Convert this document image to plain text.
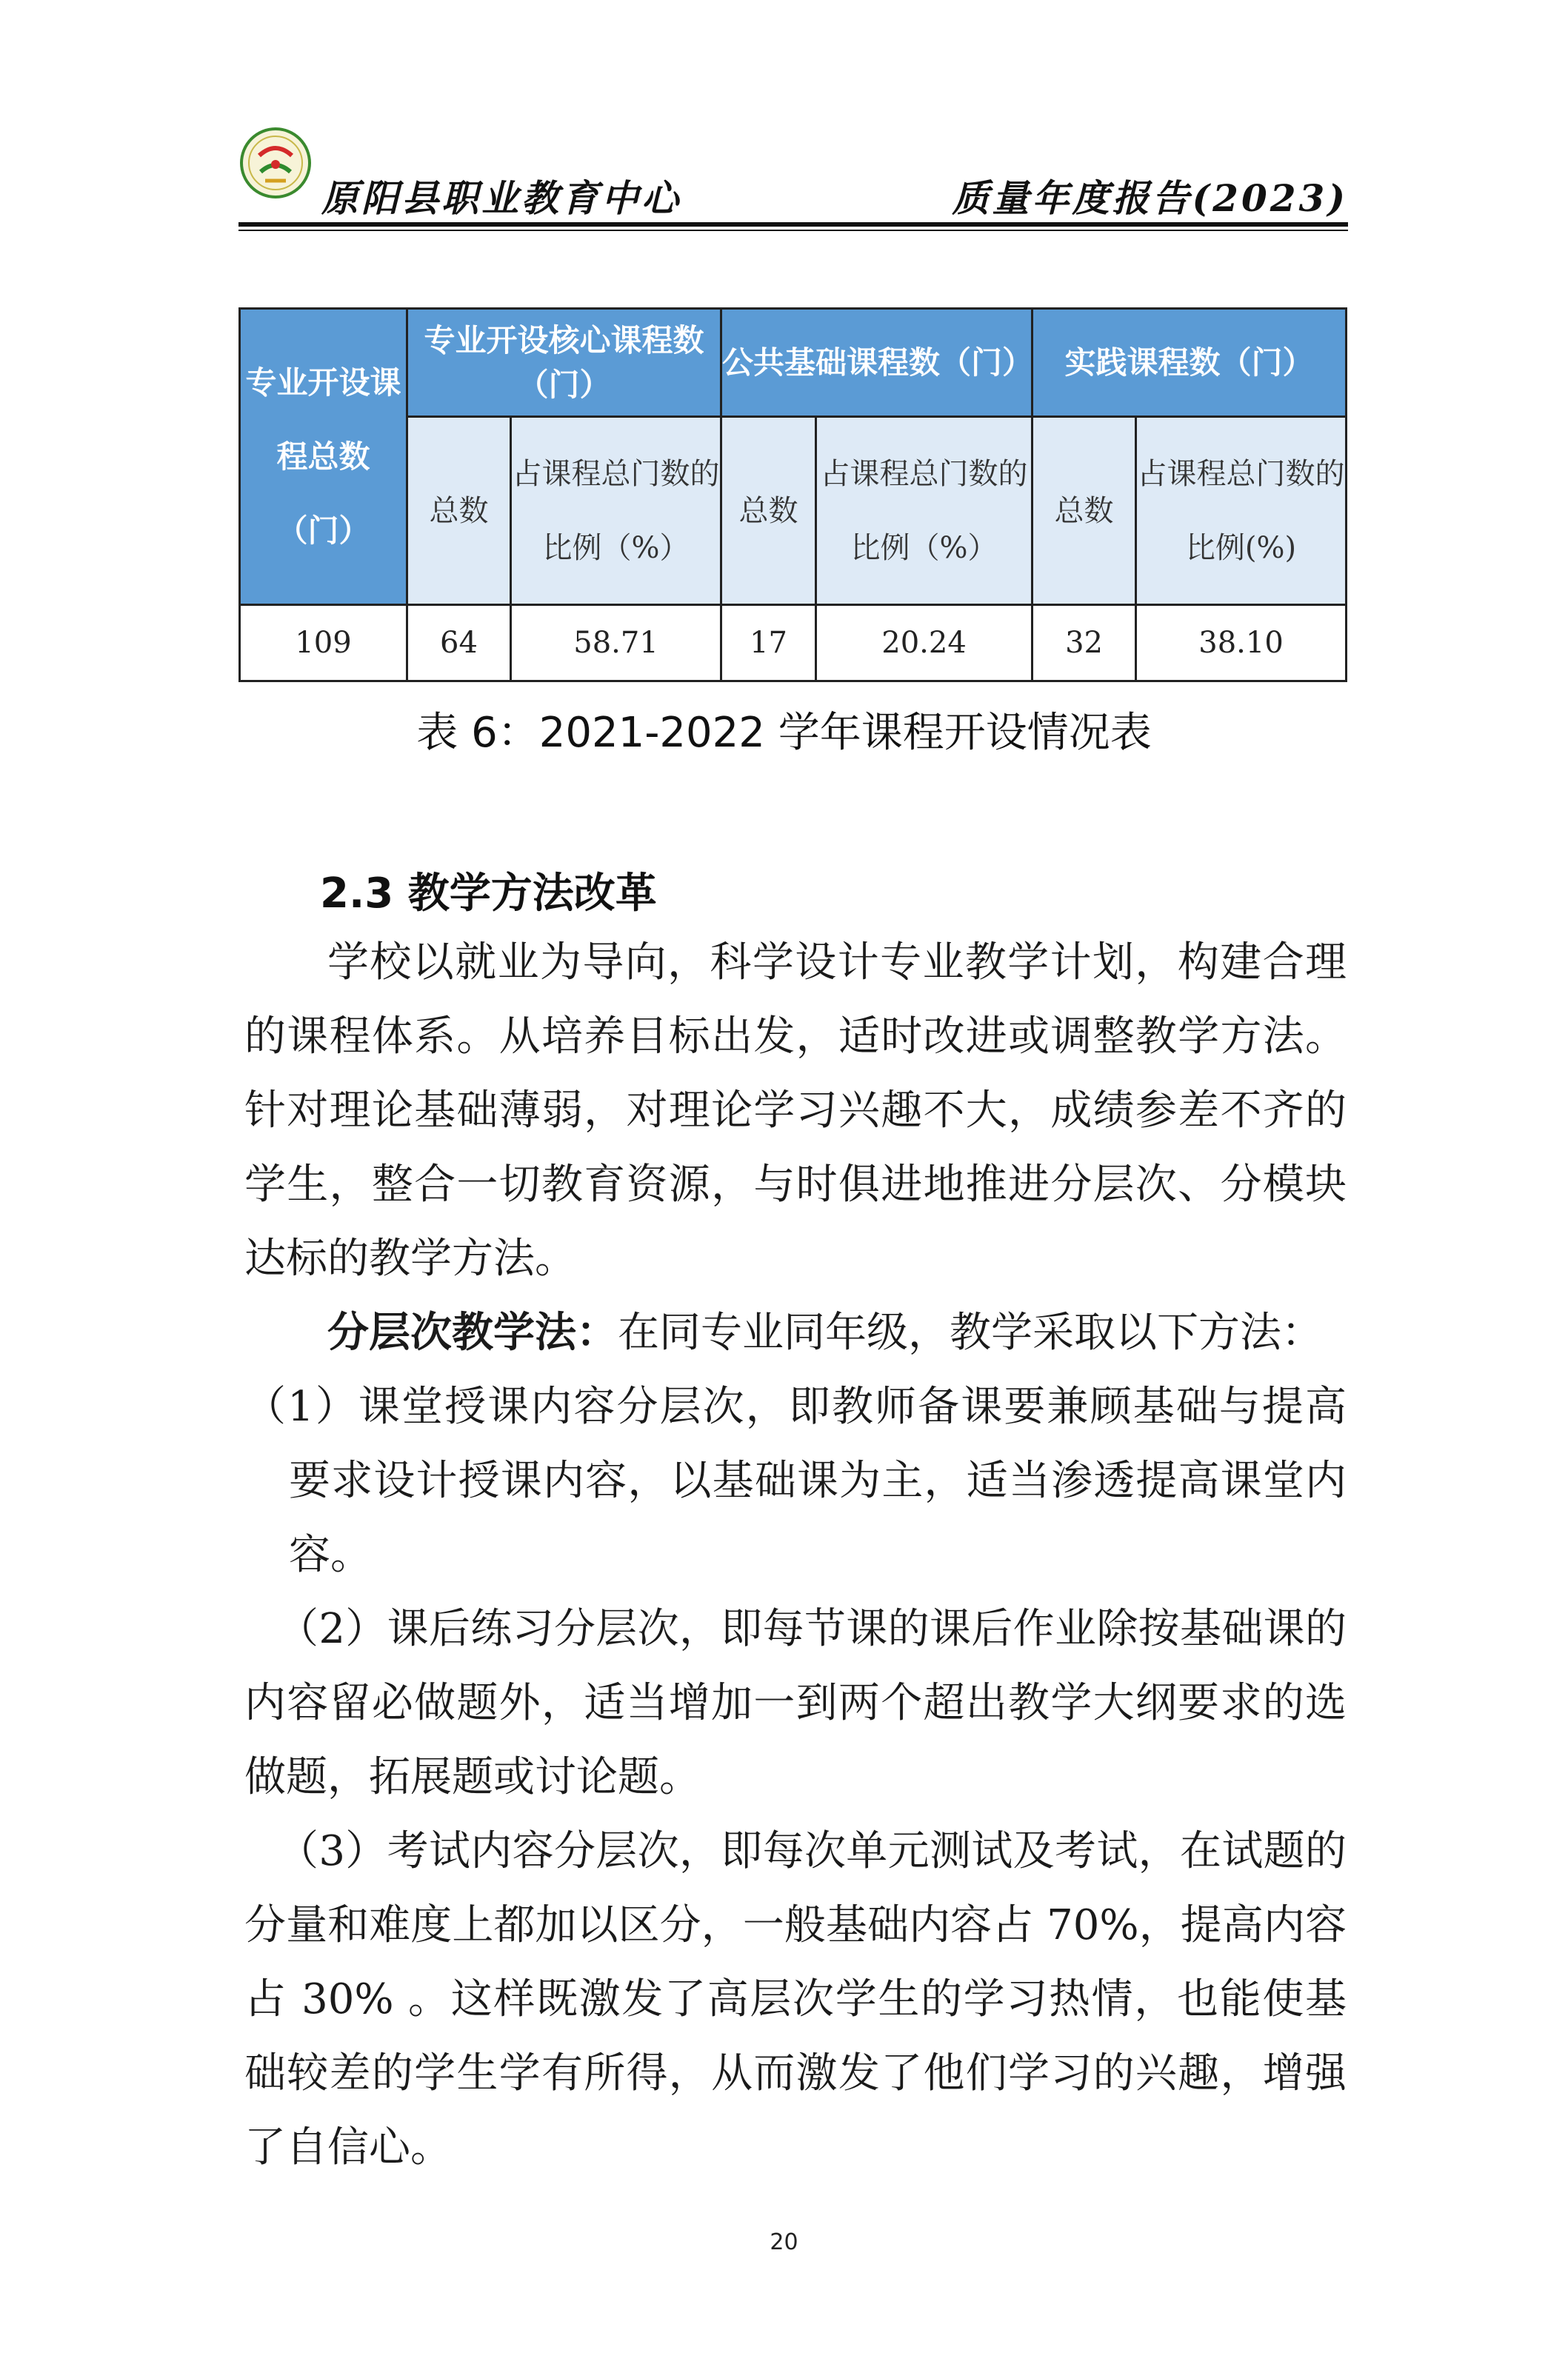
原阳县职业教育中心	质量年度报告(2023)
专业开设课程总数（门）	专业开设核心课程数（门）		公共基础课程数（门）		实践课程数（门）	
	总数	占课程总门数的比例（%）	总数	占课程总门数的比例（%）	总数	占课程总门数的比例(%)
109	64	58.71	17	20.24	32	38.10
表 6：2021-2022 学年课程开设情况表
2.3 教学方法改革

学校以就业为导向，科学设计专业教学计划，构建合理的课程体系。从培养目标出发，适时改进或调整教学方法。针对理论基础薄弱，对理论学习兴趣不大，成绩参差不齐的学生，整合一切教育资源，与时俱进地推进分层次、分模块达标的教学方法。

分层次教学法：在同专业同年级，教学采取以下方法：

（1）课堂授课内容分层次，即教师备课要兼顾基础与提高要求设计授课内容，以基础课为主，适当渗透提高课堂内容。

（2）课后练习分层次，即每节课的课后作业除按基础课的内容留必做题外，适当增加一到两个超出教学大纲要求的选做题，拓展题或讨论题。

（3）考试内容分层次，即每次单元测试及考试，在试题的分量和难度上都加以区分，一般基础内容占 70%，提高内容占 30% 。这样既激发了高层次学生的学习热情，也能使基础较差的学生学有所得，从而激发了他们学习的兴趣，增强了自信心。

20
